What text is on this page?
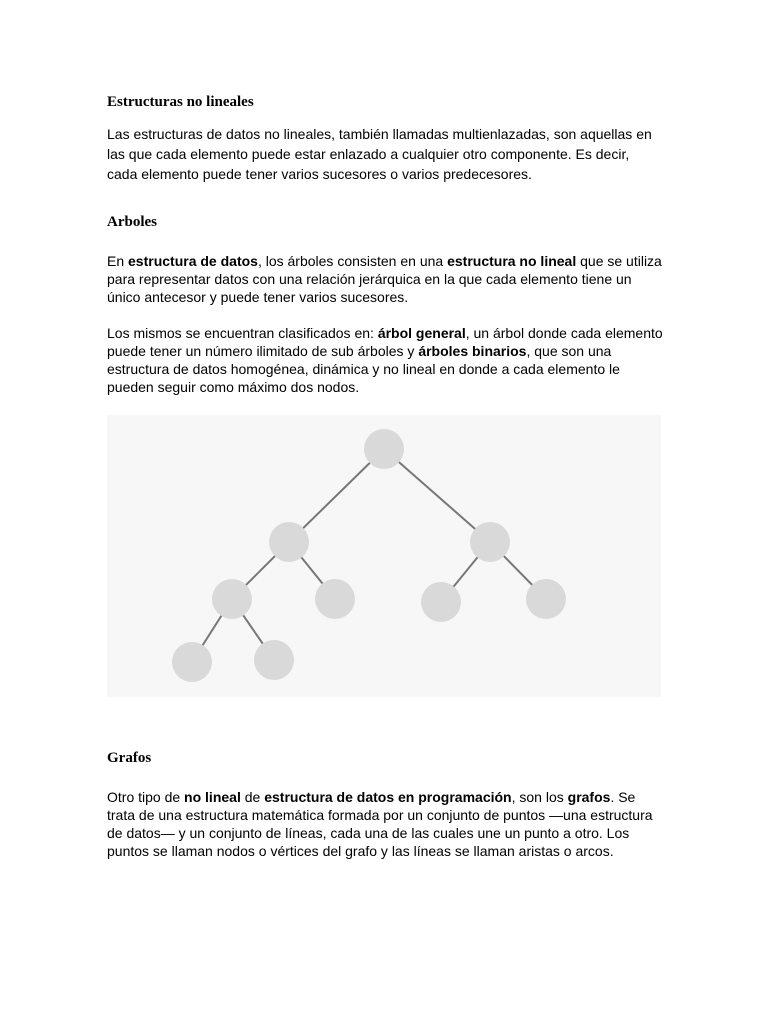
Estructuras no lineales

Las estructuras de datos no lineales, también llamadas multienlazadas, son aquellas en las que cada elemento puede estar enlazado a cualquier otro componente. Es decir, cada elemento puede tener varios sucesores o varios predecesores.

Arboles

En estructura de datos, los árboles consisten en una estructura no lineal que se utiliza para representar datos con una relación jerárquica en la que cada elemento tiene un único antecesor y puede tener varios sucesores.

Los mismos se encuentran clasificados en: árbol general, un árbol donde cada elemento puede tener un número ilimitado de sub árboles y árboles binarios, que son una estructura de datos homogénea, dinámica y no lineal en donde a cada elemento le pueden seguir como máximo dos nodos.

Grafos

Otro tipo de no lineal de estructura de datos en programación, son los grafos. Se trata de una estructura matemática formada por un conjunto de puntos —una estructura de datos— y un conjunto de líneas, cada una de las cuales une un punto a otro. Los puntos se llaman nodos o vértices del grafo y las líneas se llaman aristas o arcos.
